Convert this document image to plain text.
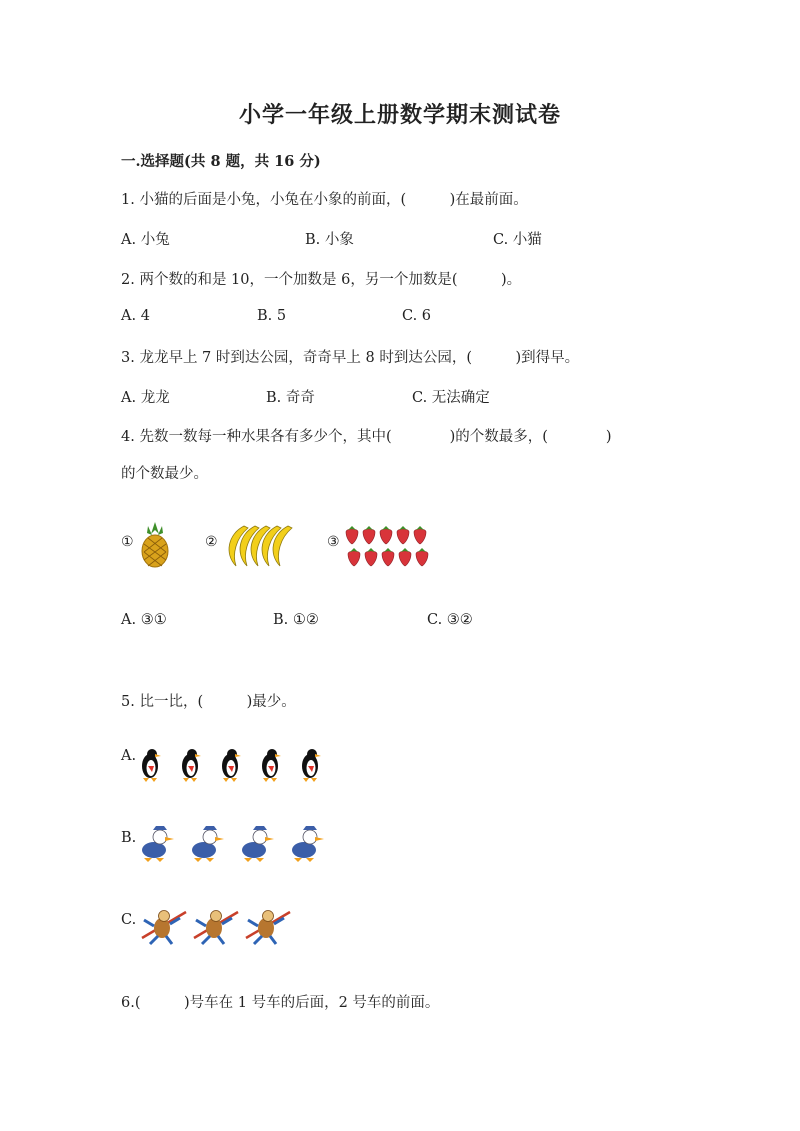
小学一年级上册数学期末测试卷
一.选择题(共 8 题，共 16 分)
1. 小猫的后面是小兔，小兔在小象的前面，(　　　)在最前面。
A. 小兔	B. 小象	C. 小猫
2. 两个数的和是 10，一个加数是 6，另一个加数是(　　　)。
A. 4	B. 5	C. 6
3. 龙龙早上 7 时到达公园，奇奇早上 8 时到达公园，(　　　)到得早。
A. 龙龙	B. 奇奇	C. 无法确定
4. 先数一数每一种水果各有多少个，其中(　　　　)的个数最多，(　　　　)
的个数最少。
①	②	③
A. ③①	B. ①②	C. ③②
5. 比一比，(　　　)最少。
A.
B.
C.
6.(　　　)号车在 1 号车的后面，2 号车的前面。
